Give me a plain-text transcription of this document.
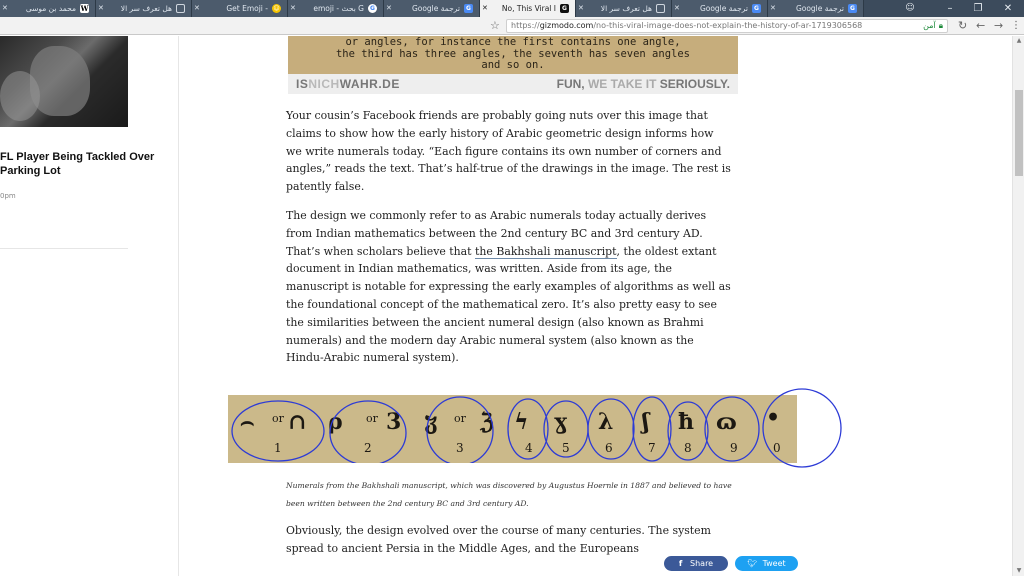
✕	محمد بن موسى W ✕	هل تعرف سر الا	✕	Get Emoji - ☺ ✕	emoji - بحث G	G ✕	Google ترجمة	G ✕	No, This Viral I	G ✕	هل تعرف سر الا	✕	Google ترجمة	G ✕	Google ترجمة	G	☺	–	❐	✕
☆ https://gizmodo.com/no-this-viral-image-does-not-explain-the-history-of-ar-1719306568	آمن 🔒︎ ↻ ← → ⋮
FL Player Being Tackled Over Parking Lot
0pm
or angles, for instance the first contains one angle,
the third has three angles, the seventh has seven angles
and so on.
ISNICHWAHR.DE	FUN, WE TAKE IT SERIOUSLY.

Your cousin’s Facebook friends are probably going nuts over this image that claims to show how the early history of Arabic geometric design informs how we write numerals today. “Each figure contains its own number of corners and angles,” reads the text. That’s half-true of the drawings in the image. The rest is patently false.

The design we commonly refer to as Arabic numerals today actually derives from Indian mathematics between the 2nd century BC and 3rd century AD. That’s when scholars believe that the Bakhshali manuscript, the oldest extant document in Indian mathematics, was written. Aside from its age, the manuscript is notable for expressing the early examples of algorithms as well as the foundational concept of the mathematical zero. It’s also pretty easy to see the similarities between the ancient numeral design (also known as Brahmi numerals) and the modern day Arabic numeral system (also known as the Hindu-Arabic numeral system).

⌢ ∩ ρ 3 ჳ ℨ ϟ ɣ λ ʃ ħ ɷ •
or	or	or
1	2	3	4 5	6	7 8	9	0
Numerals from the Bakhshali manuscript, which was discovered by Augustus Hoernle in 1887 and believed to have been written between the 2nd century BC and 3rd century AD.

Obviously, the design evolved over the course of many centuries. The system spread to ancient Persia in the Middle Ages, and the Europeans

f Share	🐦︎ Tweet
▲
▼
